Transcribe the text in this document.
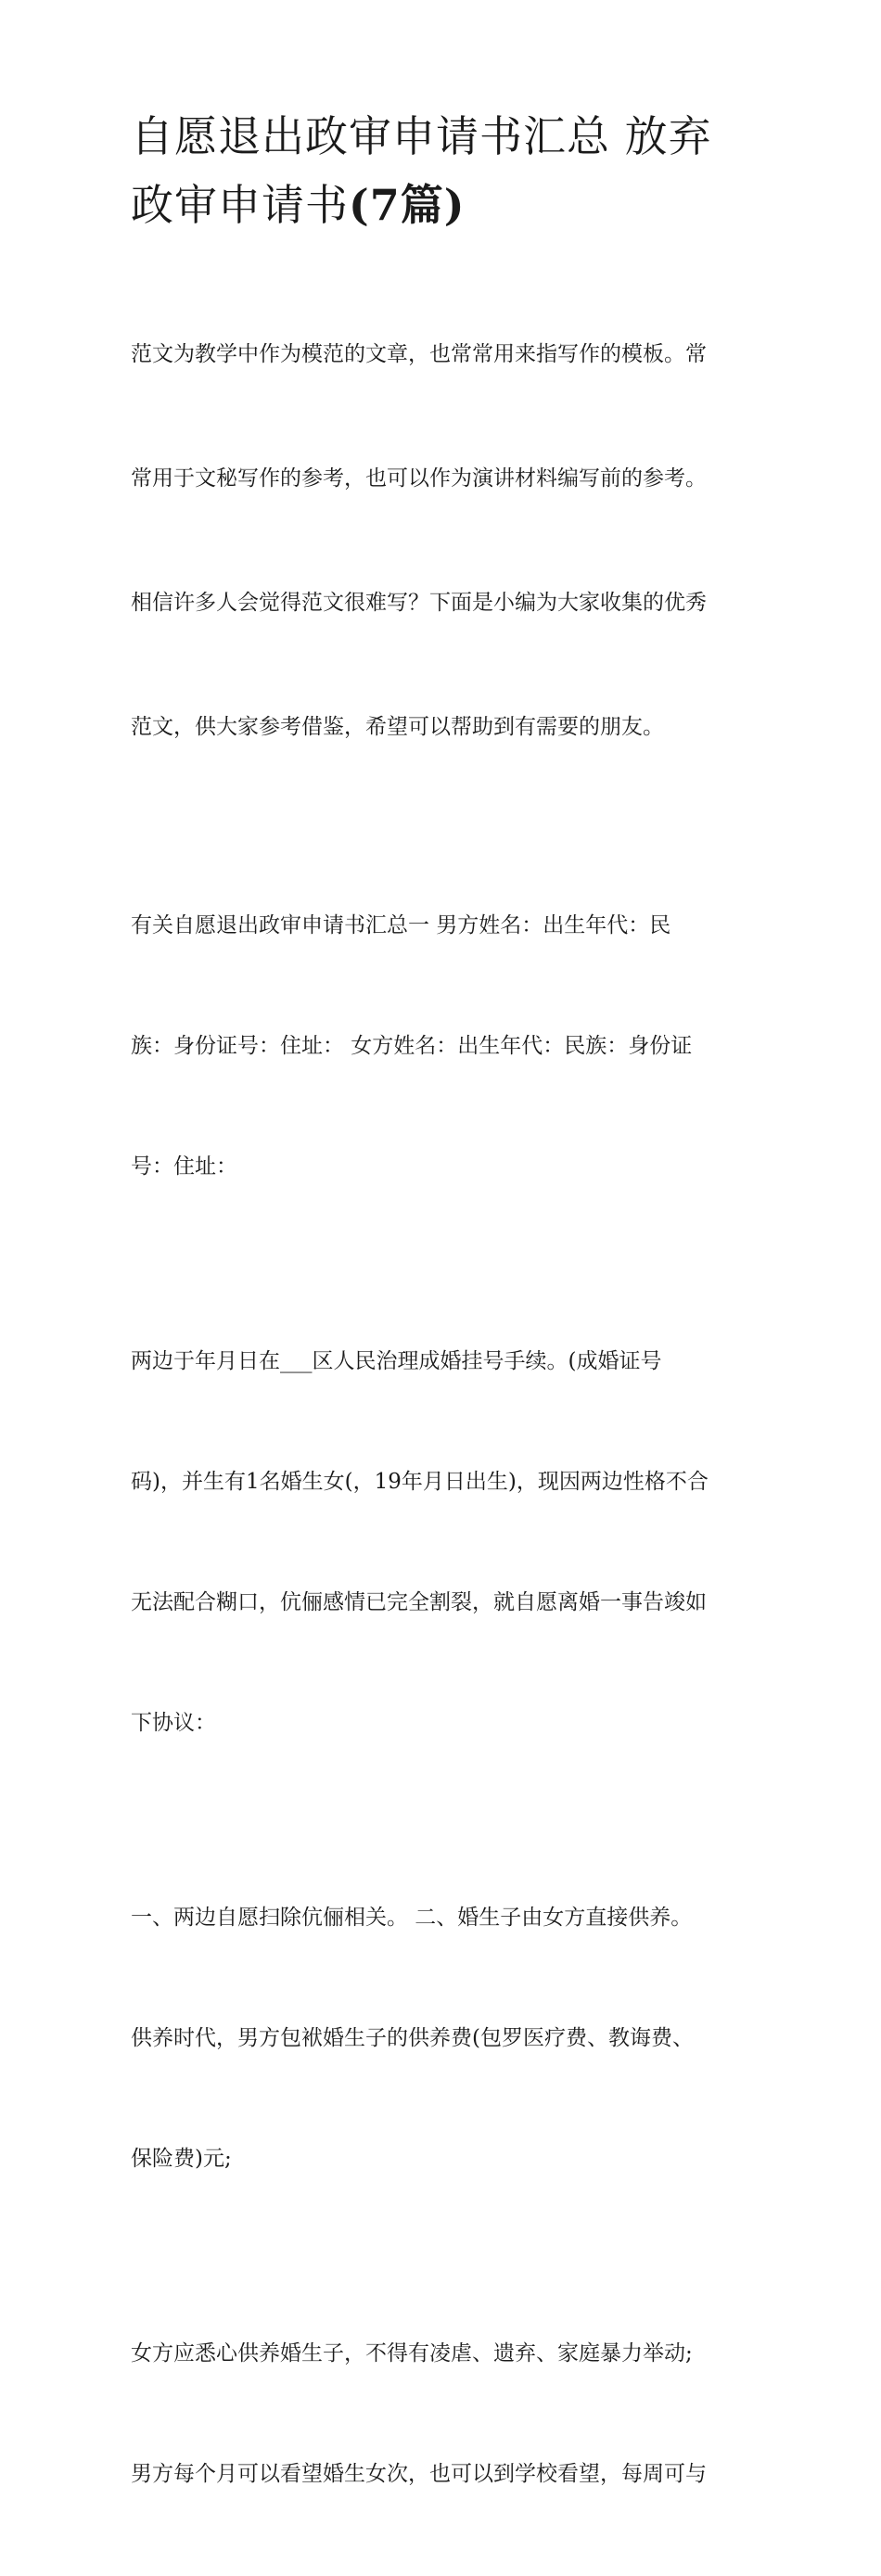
自愿退出政审申请书汇总 放弃
政审申请书(7篇)

范文为教学中作为模范的文章，也常常用来指写作的模板。常

常用于文秘写作的参考，也可以作为演讲材料编写前的参考。

相信许多人会觉得范文很难写？下面是小编为大家收集的优秀

范文，供大家参考借鉴，希望可以帮助到有需要的朋友。

有关自愿退出政审申请书汇总一 男方姓名：出生年代：民

族：身份证号：住址： 女方姓名：出生年代：民族：身份证

号：住址：

两边于年月日在___区人民治理成婚挂号手续。(成婚证号

码)，并生有1名婚生女(，19年月日出生)，现因两边性格不合

无法配合糊口，伉俪感情已完全割裂，就自愿离婚一事告竣如

下协议：

一、两边自愿扫除伉俪相关。 二、婚生子由女方直接供养。

供养时代，男方包袱婚生子的供养费(包罗医疗费、教诲费、

保险费)元;

女方应悉心供养婚生子，不得有凌虐、遗弃、家庭暴力举动;

男方每个月可以看望婚生女次，也可以到学校看望，每周可与
